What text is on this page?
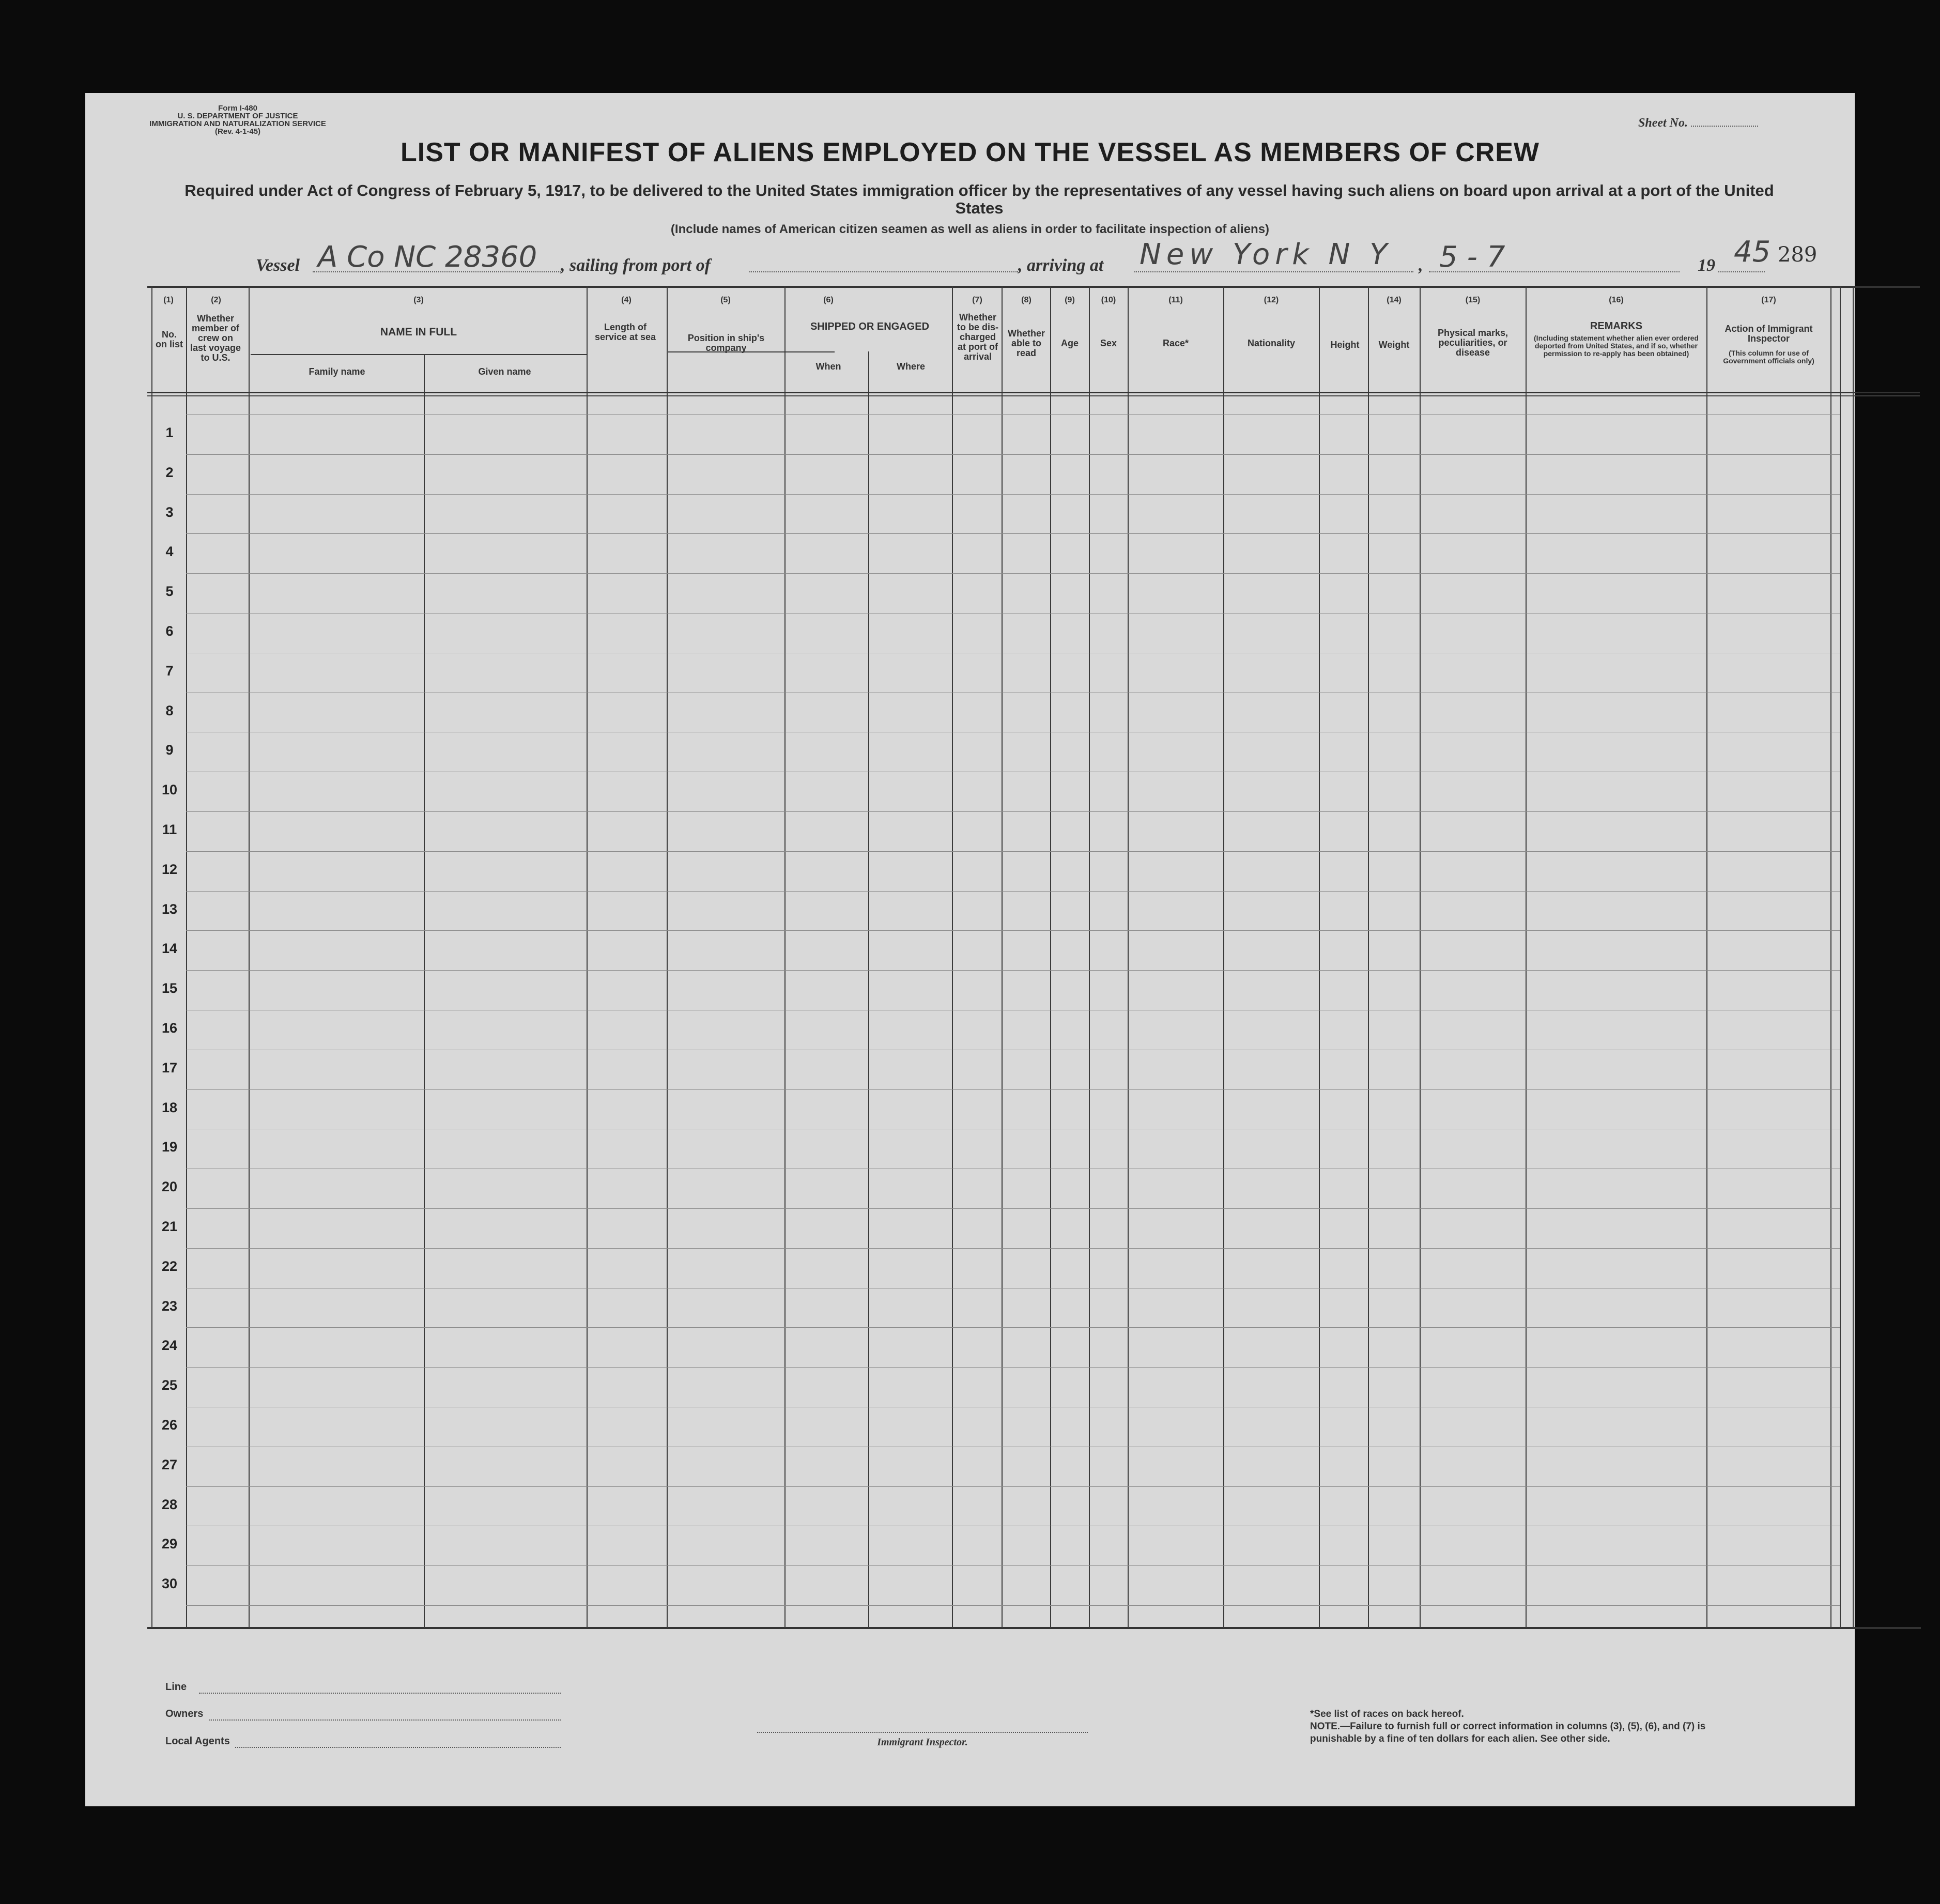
Form I-480
U. S. DEPARTMENT OF JUSTICE
IMMIGRATION AND NATURALIZATION SERVICE
(Rev. 4-1-45)
Sheet No.
LIST OR MANIFEST OF ALIENS EMPLOYED ON THE VESSEL AS MEMBERS OF CREW
Required under Act of Congress of February 5, 1917, to be delivered to the United States immigration officer by the representatives of any vessel having such aliens on board upon arrival at a port of the United States
(Include names of American citizen seamen as well as aliens in order to facilitate inspection of aliens)
Vessel A Co NC 28360 , sailing from port of	, arriving at New York N Y , 5-7	19 45 289
(1)
No. on list
(2)
Whether member of crew on last voyage to U.S.
(3)
NAME IN FULL
Family name	Given name
(4)
Length of service at sea
(5)
Position in ship's company
(6)
SHIPPED OR ENGAGED
When	Where
(7)
Whether to be dis-charged at port of arrival
(8)
Whether able to read
(9)
Age
(10)
Sex
(11)
Race*
(12)
Nationality	Height
(14)
Weight
(15)
Physical marks, peculiarities, or disease
(16)
REMARKS
(Including statement whether alien ever ordered deported from United States, and if so, whether permission to re-apply has been obtained)
(17)
Action of Immigrant Inspector
(This column for use of Government officials only)
1
2
3
4
5
6
7
8
9
10
11
12
13
14
15
16
17
18
19
20
21
22
23
24
25
26
27
28
29
30
Line
Owners
Local Agents	Immigrant Inspector.
*See list of races on back hereof.
NOTE.—Failure to furnish full or correct information in columns (3), (5), (6), and (7) is punishable by a fine of ten dollars for each alien. See other side.
